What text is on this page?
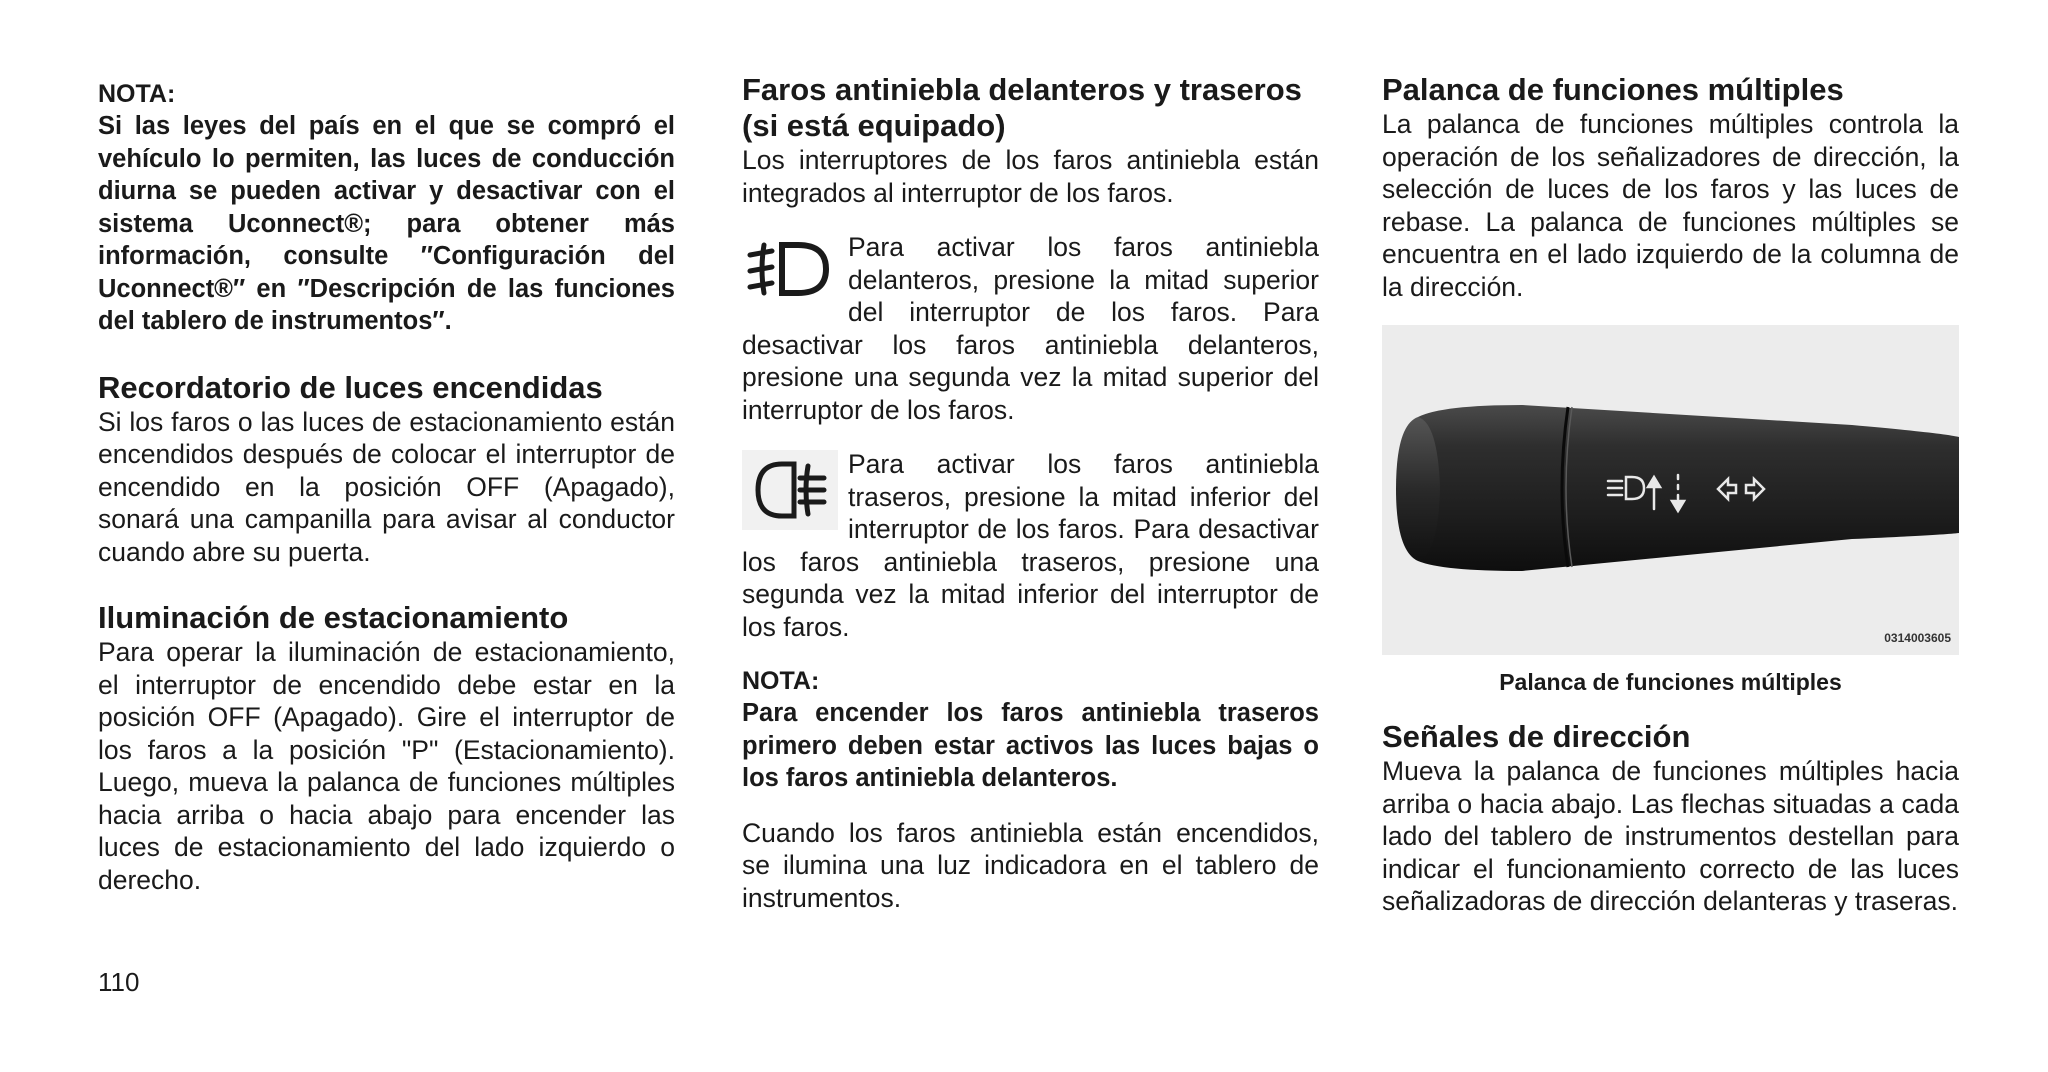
NOTA:

Si las leyes del país en el que se compró el vehículo lo permiten, las luces de conducción diurna se pueden activar y desactivar con el sistema Uconnect®; para obtener más información, consulte ″Configuración del Uconnect®″ en ″Descripción de las funciones del tablero de instrumentos″.

Recordatorio de luces encendidas

Si los faros o las luces de estacionamiento están encendidos después de colocar el interruptor de encendido en la posición OFF (Apagado), sonará una campanilla para avisar al conductor cuando abre su puerta.

Iluminación de estacionamiento

Para operar la iluminación de estacionamiento, el interruptor de encendido debe estar en la posición OFF (Apagado). Gire el interruptor de los faros a la posición "P" (Estacionamiento). Luego, mueva la palanca de funciones múltiples hacia arriba o hacia abajo para encender las luces de estacionamiento del lado izquierdo o derecho.

Faros antiniebla delanteros y traseros (si está equipado)

Los interruptores de los faros antiniebla están integrados al interruptor de los faros.

Para activar los faros antiniebla delanteros, presione la mitad superior del interruptor de los faros. Para desactivar los faros antiniebla delanteros, presione una segunda vez la mitad superior del interruptor de los faros.

Para activar los faros antiniebla traseros, presione la mitad inferior del interruptor de los faros. Para desactivar los faros antiniebla traseros, presione una segunda vez la mitad inferior del interruptor de los faros.

NOTA:

Para encender los faros antiniebla traseros primero deben estar activos las luces bajas o los faros antiniebla delanteros.

Cuando los faros antiniebla están encendidos, se ilumina una luz indicadora en el tablero de instrumentos.

Palanca de funciones múltiples

La palanca de funciones múltiples controla la operación de los señalizadores de dirección, la selección de luces de los faros y las luces de rebase. La palanca de funciones múltiples se encuentra en el lado izquierdo de la columna de la dirección.

0314003605

Palanca de funciones múltiples

Señales de dirección

Mueva la palanca de funciones múltiples hacia arriba o hacia abajo. Las flechas situadas a cada lado del tablero de instrumentos destellan para indicar el funcionamiento correcto de las luces señalizadoras de dirección delanteras y traseras.

110
